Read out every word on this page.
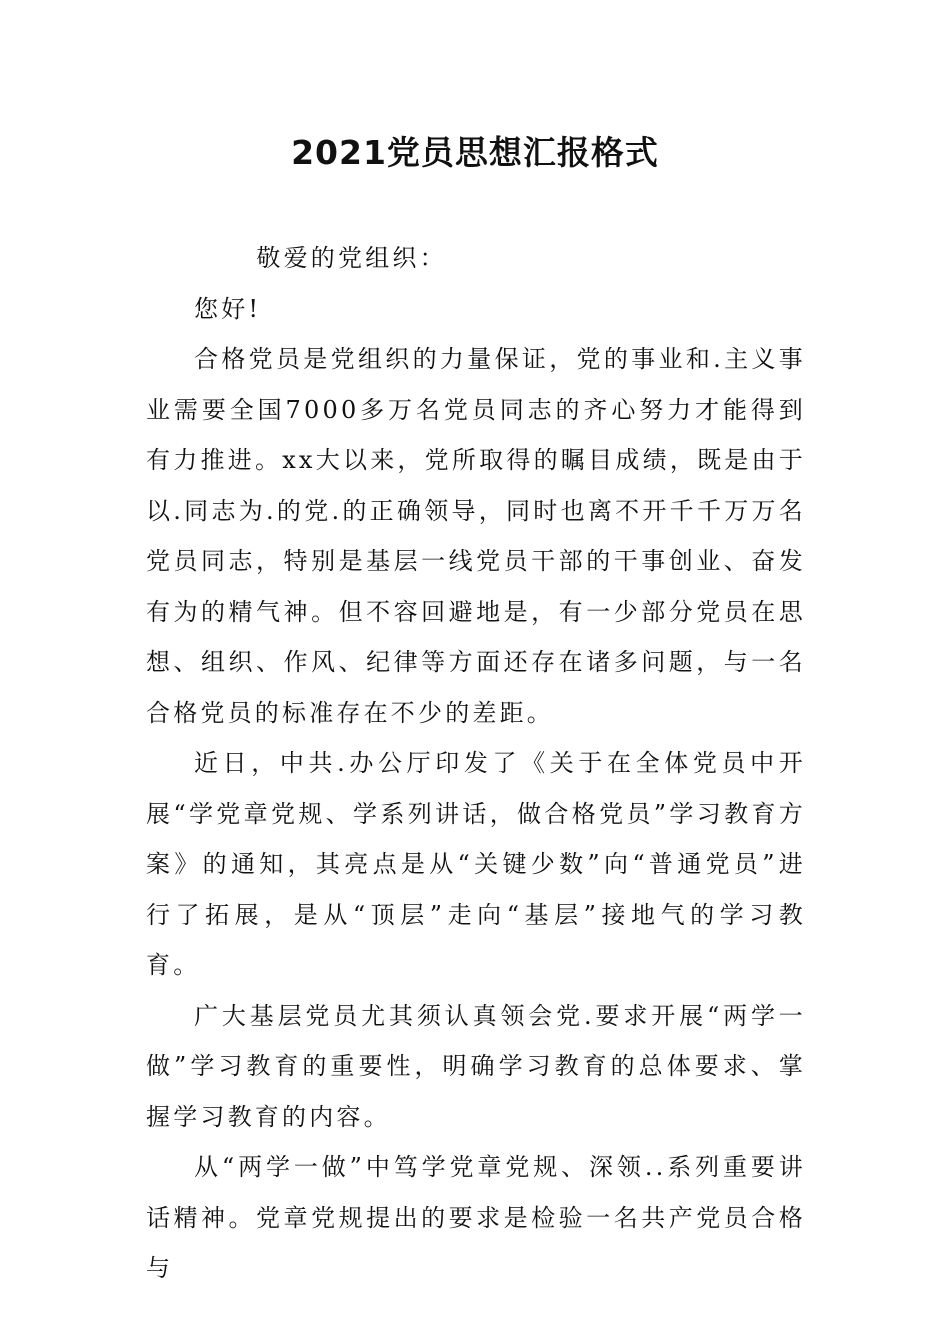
2021党员思想汇报格式

敬爱的党组织：

您好!

合格党员是党组织的力量保证，党的事业和.主义事业需要全国7000多万名党员同志的齐心努力才能得到有力推进。xx大以来，党所取得的瞩目成绩，既是由于以.同志为.的党.的正确领导，同时也离不开千千万万名党员同志，特别是基层一线党员干部的干事创业、奋发有为的精气神。但不容回避地是，有一少部分党员在思想、组织、作风、纪律等方面还存在诸多问题，与一名合格党员的标准存在不少的差距。

近日，中共.办公厅印发了《关于在全体党员中开展“学党章党规、学系列讲话，做合格党员”学习教育方案》的通知，其亮点是从“关键少数”向“普通党员”进行了拓展，是从“顶层”走向“基层”接地气的学习教育。

广大基层党员尤其须认真领会党.要求开展“两学一做”学习教育的重要性，明确学习教育的总体要求、掌握学习教育的内容。

从“两学一做”中笃学党章党规、深领..系列重要讲话精神。党章党规提出的要求是检验一名共产党员合格与
